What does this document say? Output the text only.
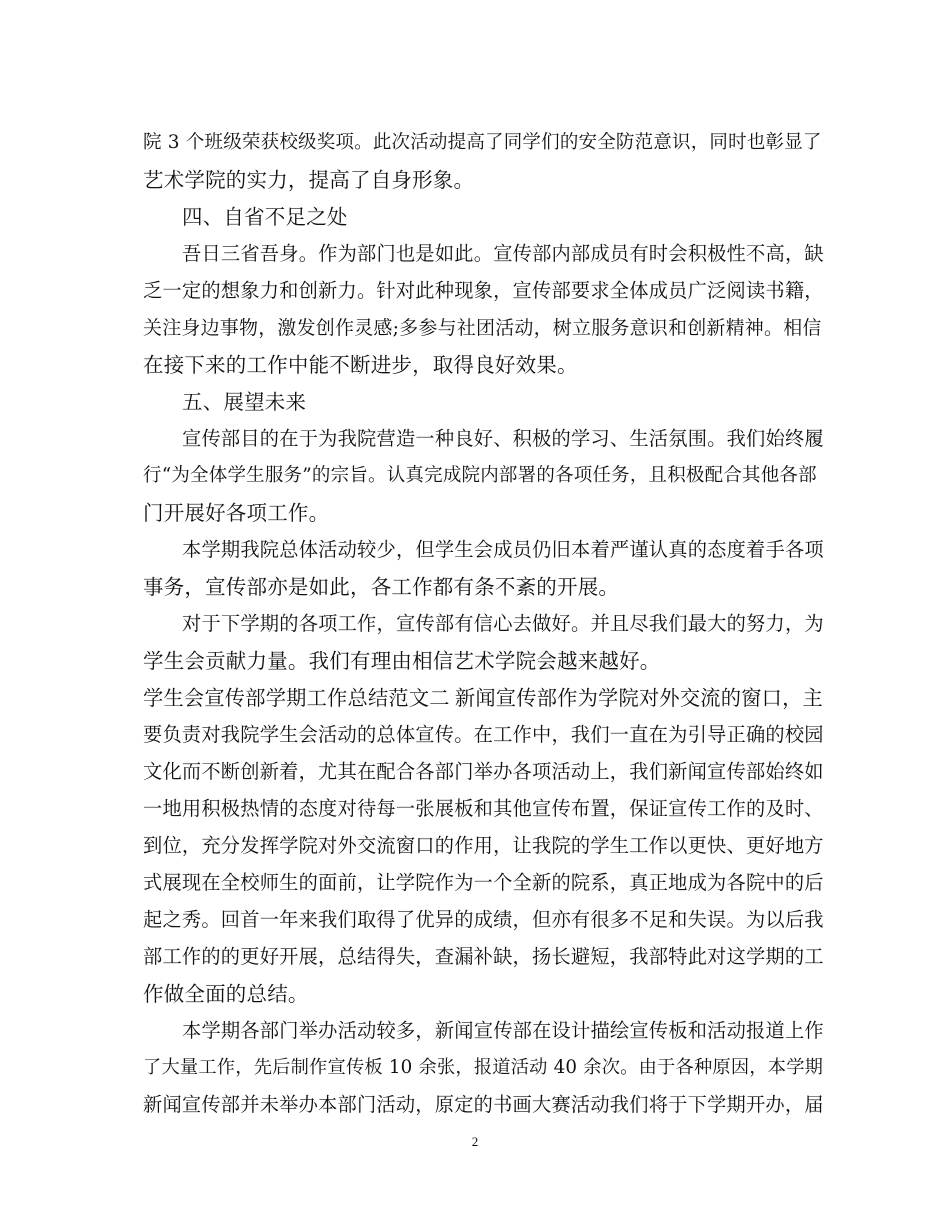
院 3 个班级荣获校级奖项。此次活动提高了同学们的安全防范意识，同时也彰显了
艺术学院的实力，提高了自身形象。
四、自省不足之处
吾日三省吾身。作为部门也是如此。宣传部内部成员有时会积极性不高，缺
乏一定的想象力和创新力。针对此种现象，宣传部要求全体成员广泛阅读书籍，
关注身边事物，激发创作灵感;多参与社团活动，树立服务意识和创新精神。相信
在接下来的工作中能不断进步，取得良好效果。
五、展望未来
宣传部目的在于为我院营造一种良好、积极的学习、生活氛围。我们始终履
行“为全体学生服务”的宗旨。认真完成院内部署的各项任务，且积极配合其他各部
门开展好各项工作。
本学期我院总体活动较少，但学生会成员仍旧本着严谨认真的态度着手各项
事务，宣传部亦是如此，各工作都有条不紊的开展。
对于下学期的各项工作，宣传部有信心去做好。并且尽我们最大的努力，为
学生会贡献力量。我们有理由相信艺术学院会越来越好。
学生会宣传部学期工作总结范文二 新闻宣传部作为学院对外交流的窗口，主
要负责对我院学生会活动的总体宣传。在工作中，我们一直在为引导正确的校园
文化而不断创新着，尤其在配合各部门举办各项活动上，我们新闻宣传部始终如
一地用积极热情的态度对待每一张展板和其他宣传布置，保证宣传工作的及时、
到位，充分发挥学院对外交流窗口的作用，让我院的学生工作以更快、更好地方
式展现在全校师生的面前，让学院作为一个全新的院系，真正地成为各院中的后
起之秀。回首一年来我们取得了优异的成绩，但亦有很多不足和失误。为以后我
部工作的的更好开展，总结得失，查漏补缺，扬长避短，我部特此对这学期的工
作做全面的总结。
本学期各部门举办活动较多，新闻宣传部在设计描绘宣传板和活动报道上作
了大量工作，先后制作宣传板 10 余张，报道活动 40 余次。由于各种原因，本学期
新闻宣传部并未举办本部门活动，原定的书画大赛活动我们将于下学期开办，届
2
